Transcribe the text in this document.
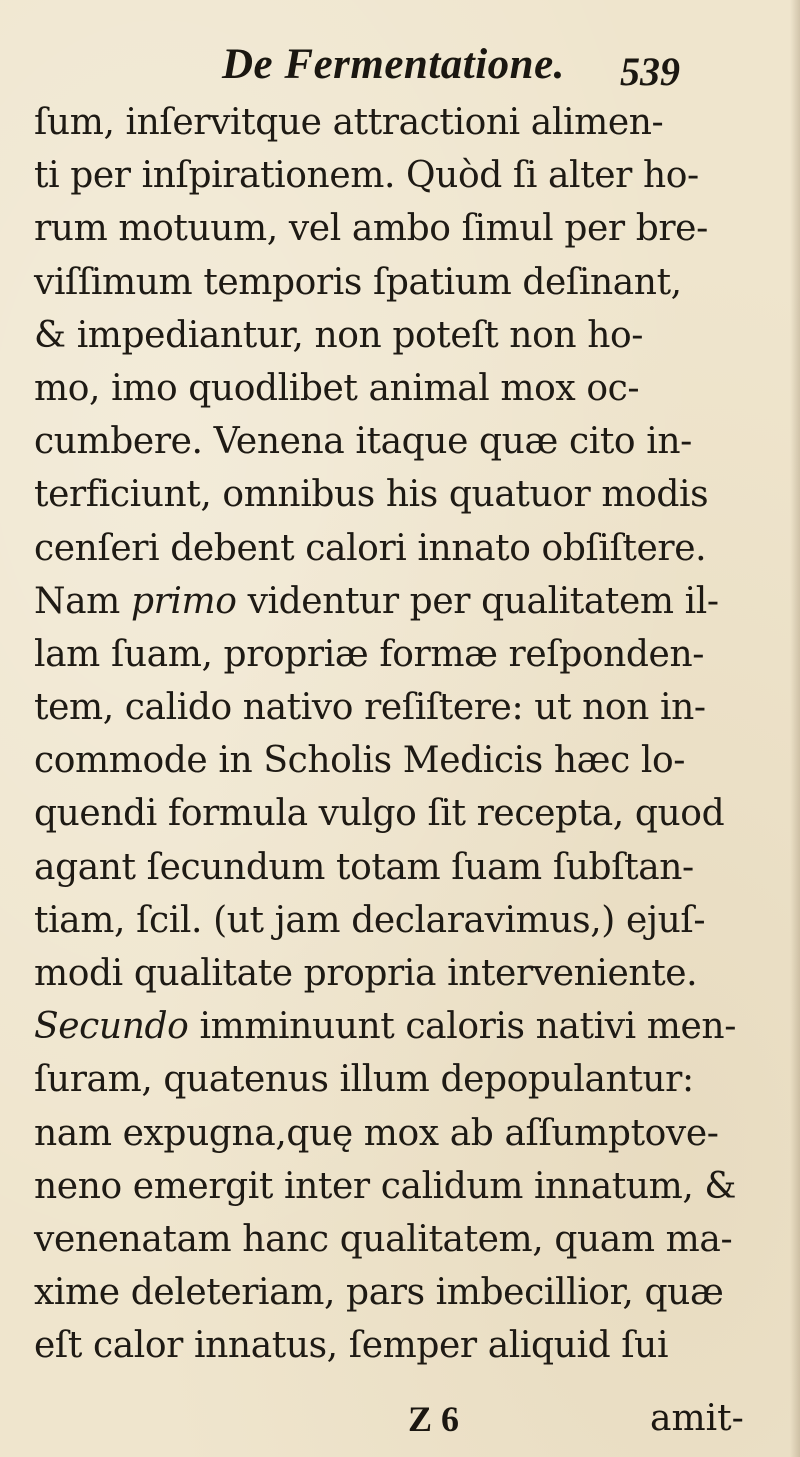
De Fermentatione. 539
ſum, inſervitque attractioni alimen-
ti per inſpirationem. Quòd ſi alter ho-
rum motuum, vel ambo ſimul per bre-
viſſimum temporis ſpatium deſinant,
& impediantur, non poteſt non ho-
mo, imo quodlibet animal mox oc-
cumbere. Venena itaque quæ cito in-
terficiunt, omnibus his quatuor modis
cenſeri debent calori innato obſiſtere.
Nam primo videntur per qualitatem il-
lam ſuam, propriæ formæ reſponden-
tem, calido nativo reſiſtere: ut non in-
commode in Scholis Medicis hæc lo-
quendi formula vulgo ſit recepta, quod
agant ſecundum totam ſuam ſubſtan-
tiam, ſcil. (ut jam declaravimus,) ejuſ-
modi qualitate propria interveniente.
Secundo imminuunt caloris nativi men-
ſuram, quatenus illum depopulantur:
nam expugna,quę mox ab aſſumptove-
neno emergit inter calidum innatum, &
venenatam hanc qualitatem, quam ma-
xime deleteriam, pars imbecillior, quæ
eſt calor innatus, ſemper aliquid ſui
Z 6	amit-
